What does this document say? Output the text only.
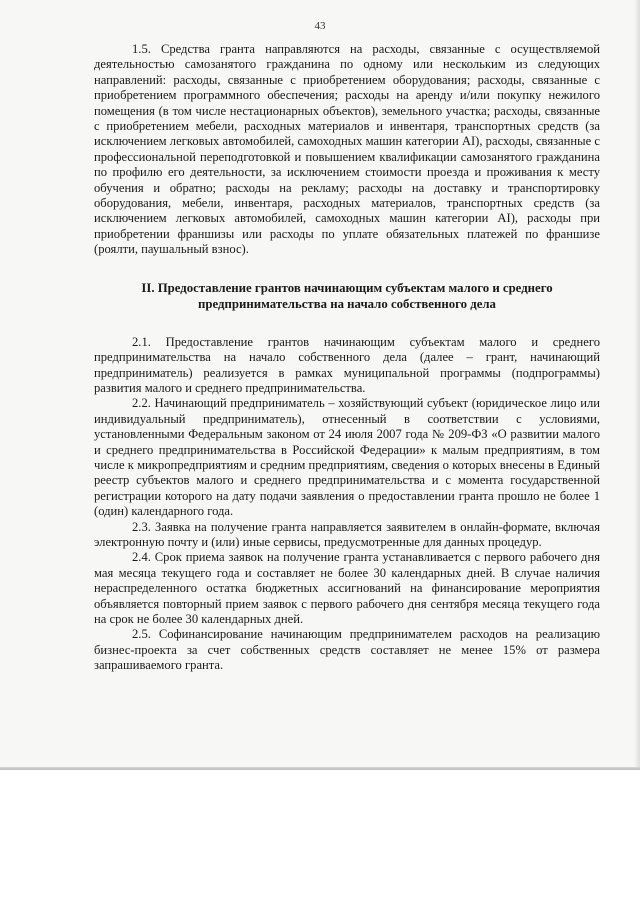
43

1.5. Средства гранта направляются на расходы, связанные с осуществляемой деятельностью самозанятого гражданина по одному или нескольким из следующих направлений: расходы, связанные с приобретением оборудования; расходы, связанные с приобретением программного обеспечения; расходы на аренду и/или покупку нежилого помещения (в том числе нестационарных объектов), земельного участка; расходы, связанные с приобретением мебели, расходных материалов и инвентаря, транспортных средств (за исключением легковых автомобилей, самоходных машин категории AI), расходы, связанные с профессиональной переподготовкой и повышением квалификации самозанятого гражданина по профилю его деятельности, за исключением стоимости проезда и проживания к месту обучения и обратно; расходы на рекламу; расходы на доставку и транспортировку оборудования, мебели, инвентаря, расходных материалов, транспортных средств (за исключением легковых автомобилей, самоходных машин категории AI), расходы при приобретении франшизы или расходы по уплате обязательных платежей по франшизе (роялти, паушальный взнос).

II. Предоставление грантов начинающим субъектам малого и среднего
предпринимательства на начало собственного дела

2.1. Предоставление грантов начинающим субъектам малого и среднего предпринимательства на начало собственного дела (далее – грант, начинающий предприниматель) реализуется в рамках муниципальной программы (подпрограммы) развития малого и среднего предпринимательства.

2.2. Начинающий предприниматель – хозяйствующий субъект (юридическое лицо или индивидуальный предприниматель), отнесенный в соответствии с условиями, установленными Федеральным законом от 24 июля 2007 года № 209-ФЗ «О развитии малого и среднего предпринимательства в Российской Федерации» к малым предприятиям, в том числе к микропредприятиям и средним предприятиям, сведения о которых внесены в Единый реестр субъектов малого и среднего предпринимательства и с момента государственной регистрации которого на дату подачи заявления о предоставлении гранта прошло не более 1 (один) календарного года.

2.3. Заявка на получение гранта направляется заявителем в онлайн-формате, включая электронную почту и (или) иные сервисы, предусмотренные для данных процедур.

2.4. Срок приема заявок на получение гранта устанавливается с первого рабочего дня мая месяца текущего года и составляет не более 30 календарных дней. В случае наличия нераспределенного остатка бюджетных ассигнований на финансирование мероприятия объявляется повторный прием заявок с первого рабочего дня сентября месяца текущего года на срок не более 30 календарных дней.

2.5. Софинансирование начинающим предпринимателем расходов на реализацию бизнес-проекта за счет собственных средств составляет не менее 15% от размера запрашиваемого гранта.
